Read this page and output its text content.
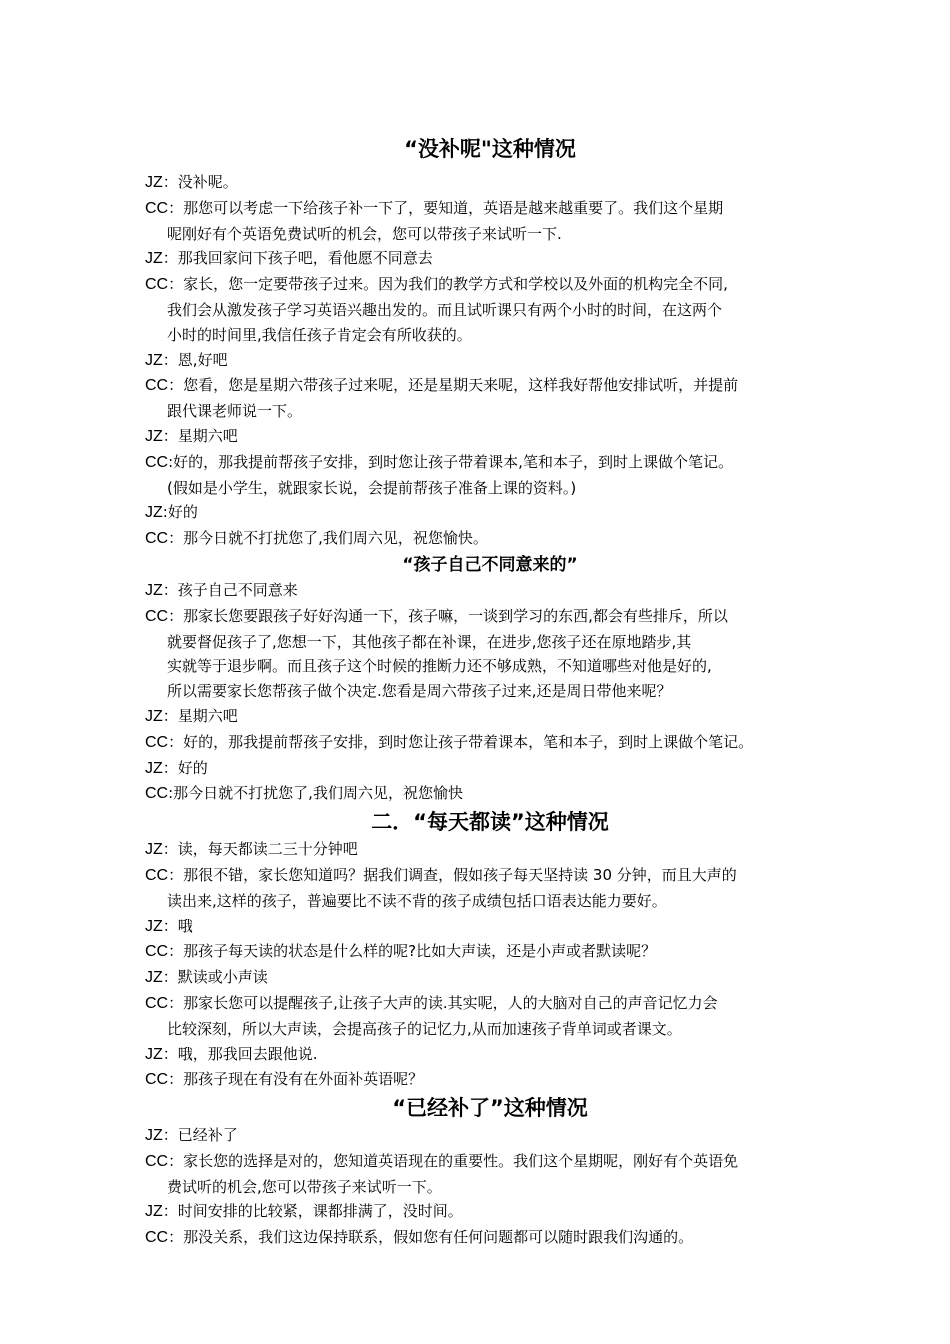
“没补呢"这种情况
JZ：没补呢。
CC：那您可以考虑一下给孩子补一下了，要知道，英语是越来越重要了。我们这个星期
呢刚好有个英语免费试听的机会，您可以带孩子来试听一下.
JZ：那我回家问下孩子吧，看他愿不同意去
CC：家长，您一定要带孩子过来。因为我们的教学方式和学校以及外面的机构完全不同,
我们会从激发孩子学习英语兴趣出发的。而且试听课只有两个小时的时间，在这两个
小时的时间里,我信任孩子肯定会有所收获的。
JZ：恩,好吧
CC：您看，您是星期六带孩子过来呢，还是星期天来呢，这样我好帮他安排试听，并提前
跟代课老师说一下。
JZ：星期六吧
CC:好的，那我提前帮孩子安排，到时您让孩子带着课本,笔和本子，到时上课做个笔记。
(假如是小学生，就跟家长说，会提前帮孩子准备上课的资料。)
JZ:好的
CC：那今日就不打扰您了,我们周六见，祝您愉快。
“孩子自己不同意来的”
JZ：孩子自己不同意来
CC：那家长您要跟孩子好好沟通一下，孩子嘛，一谈到学习的东西,都会有些排斥，所以
就要督促孩子了,您想一下，其他孩子都在补课，在进步,您孩子还在原地踏步,其
实就等于退步啊。而且孩子这个时候的推断力还不够成熟，不知道哪些对他是好的,
所以需要家长您帮孩子做个决定.您看是周六带孩子过来,还是周日带他来呢？
JZ：星期六吧
CC：好的，那我提前帮孩子安排，到时您让孩子带着课本，笔和本子，到时上课做个笔记。
JZ：好的
CC:那今日就不打扰您了,我们周六见，祝您愉快
二．“每天都读”这种情况
JZ：读，每天都读二三十分钟吧
CC：那很不错，家长您知道吗？据我们调查，假如孩子每天坚持读 30 分钟，而且大声的
读出来,这样的孩子，普遍要比不读不背的孩子成绩包括口语表达能力要好。
JZ：哦
CC：那孩子每天读的状态是什么样的呢?比如大声读，还是小声或者默读呢？
JZ：默读或小声读
CC：那家长您可以提醒孩子,让孩子大声的读.其实呢，人的大脑对自己的声音记忆力会
比较深刻，所以大声读，会提高孩子的记忆力,从而加速孩子背单词或者课文。
JZ：哦，那我回去跟他说.
CC：那孩子现在有没有在外面补英语呢？
“已经补了”这种情况
JZ：已经补了
CC：家长您的选择是对的，您知道英语现在的重要性。我们这个星期呢，刚好有个英语免
费试听的机会,您可以带孩子来试听一下。
JZ：时间安排的比较紧，课都排满了，没时间。
CC：那没关系，我们这边保持联系，假如您有任何问题都可以随时跟我们沟通的。
